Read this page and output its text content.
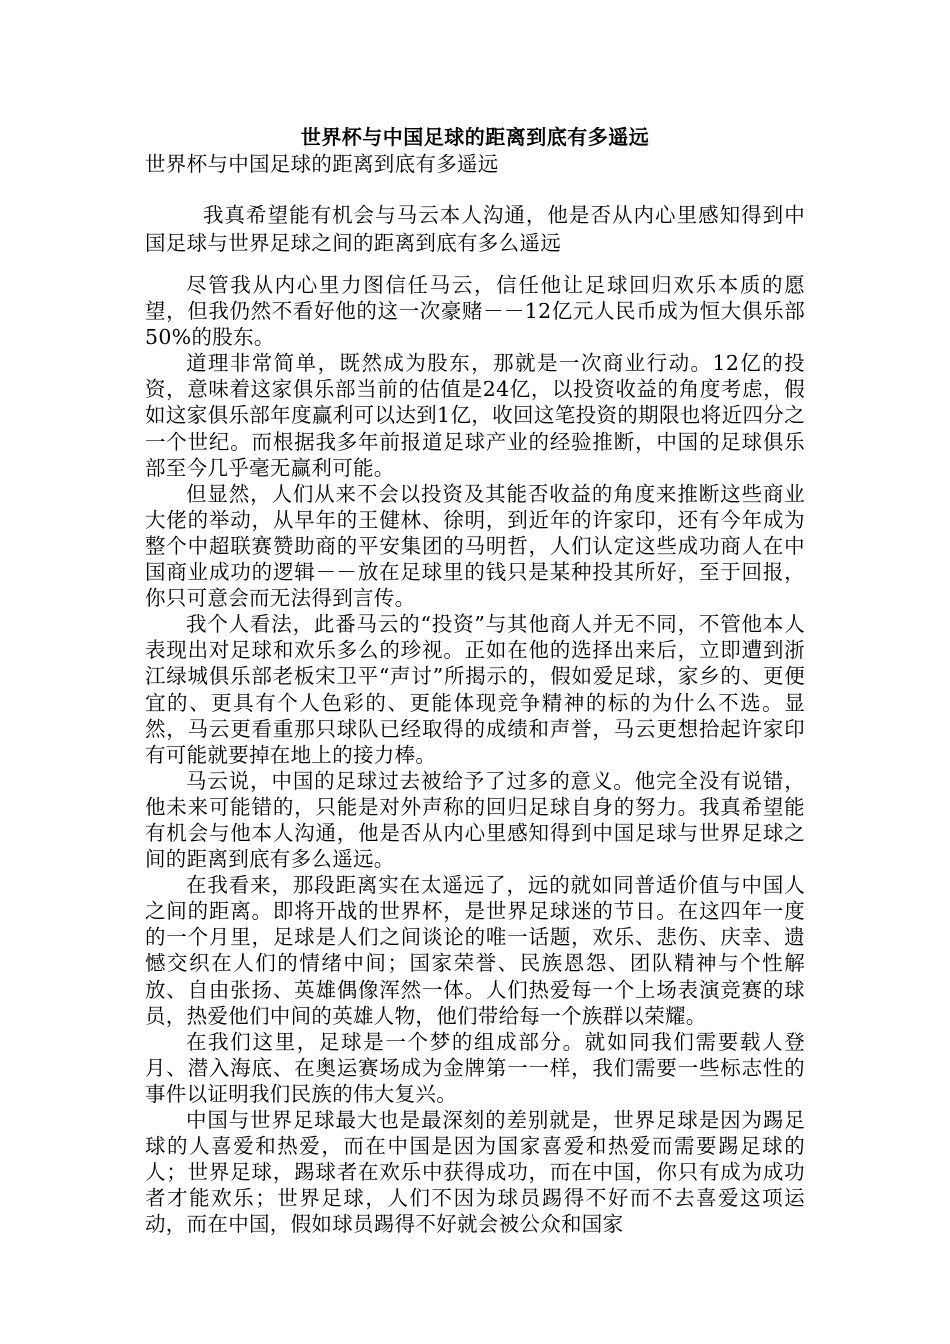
世界杯与中国足球的距离到底有多遥远

世界杯与中国足球的距离到底有多遥远

我真希望能有机会与马云本人沟通，他是否从内心里感知得到中国足球与世界足球之间的距离到底有多么遥远

尽管我从内心里力图信任马云，信任他让足球回归欢乐本质的愿望，但我仍然不看好他的这一次豪赌－－12亿元人民币成为恒大俱乐部50%的股东。

道理非常简单，既然成为股东，那就是一次商业行动。12亿的投资，意味着这家俱乐部当前的估值是24亿，以投资收益的角度考虑，假如这家俱乐部年度赢利可以达到1亿，收回这笔投资的期限也将近四分之一个世纪。而根据我多年前报道足球产业的经验推断，中国的足球俱乐部至今几乎毫无赢利可能。

但显然，人们从来不会以投资及其能否收益的角度来推断这些商业大佬的举动，从早年的王健林、徐明，到近年的许家印，还有今年成为整个中超联赛赞助商的平安集团的马明哲，人们认定这些成功商人在中国商业成功的逻辑－－放在足球里的钱只是某种投其所好，至于回报，你只可意会而无法得到言传。

我个人看法，此番马云的“投资”与其他商人并无不同，不管他本人表现出对足球和欢乐多么的珍视。正如在他的选择出来后，立即遭到浙江绿城俱乐部老板宋卫平“声讨”所揭示的，假如爱足球，家乡的、更便宜的、更具有个人色彩的、更能体现竞争精神的标的为什么不选。显然，马云更看重那只球队已经取得的成绩和声誉，马云更想拾起许家印有可能就要掉在地上的接力棒。

马云说，中国的足球过去被给予了过多的意义。他完全没有说错，他未来可能错的，只能是对外声称的回归足球自身的努力。我真希望能有机会与他本人沟通，他是否从内心里感知得到中国足球与世界足球之间的距离到底有多么遥远。

在我看来，那段距离实在太遥远了，远的就如同普适价值与中国人之间的距离。即将开战的世界杯，是世界足球迷的节日。在这四年一度的一个月里，足球是人们之间谈论的唯一话题，欢乐、悲伤、庆幸、遗憾交织在人们的情绪中间；国家荣誉、民族恩怨、团队精神与个性解放、自由张扬、英雄偶像浑然一体。人们热爱每一个上场表演竞赛的球员，热爱他们中间的英雄人物，他们带给每一个族群以荣耀。

在我们这里，足球是一个梦的组成部分。就如同我们需要载人登月、潜入海底、在奥运赛场成为金牌第一一样，我们需要一些标志性的事件以证明我们民族的伟大复兴。

中国与世界足球最大也是最深刻的差别就是，世界足球是因为踢足球的人喜爱和热爱，而在中国是因为国家喜爱和热爱而需要踢足球的人；世界足球，踢球者在欢乐中获得成功，而在中国，你只有成为成功者才能欢乐；世界足球，人们不因为球员踢得不好而不去喜爱这项运动，而在中国，假如球员踢得不好就会被公众和国家
